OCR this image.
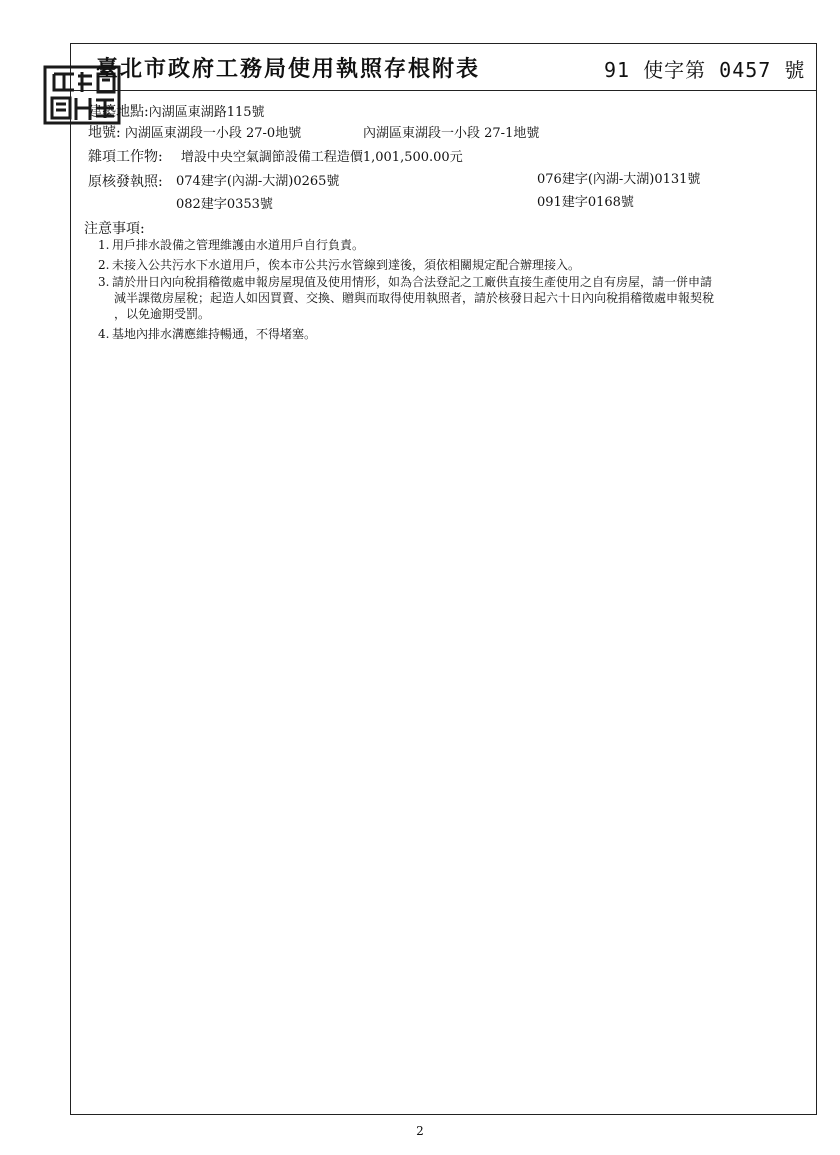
臺北市政府工務局使用執照存根附表	91 使字第 0457 號
建築地點:內湖區東湖路115號
地號: 內湖區東湖段一小段 27-0地號	內湖區東湖段一小段 27-1地號
雜項工作物: 增設中央空氣調節設備工程造價1,001,500.00元
原核發執照: 074建字(內湖-大湖)0265號	076建字(內湖-大湖)0131號
082建字0353號	091建字0168號
注意事項:
1. 用戶排水設備之管理維護由水道用戶自行負責。
2. 未接入公共污水下水道用戶，俟本市公共污水管線到達後，須依相關規定配合辦理接入。
3. 請於卅日內向稅捐稽徵處申報房屋現值及使用情形，如為合法登記之工廠供直接生產使用之自有房屋，請一併申請
減半課徵房屋稅；起造人如因買賣、交換、贈與而取得使用執照者，請於核發日起六十日內向稅捐稽徵處申報契稅
，以免逾期受罰。
4. 基地內排水溝應維持暢通，不得堵塞。
2
